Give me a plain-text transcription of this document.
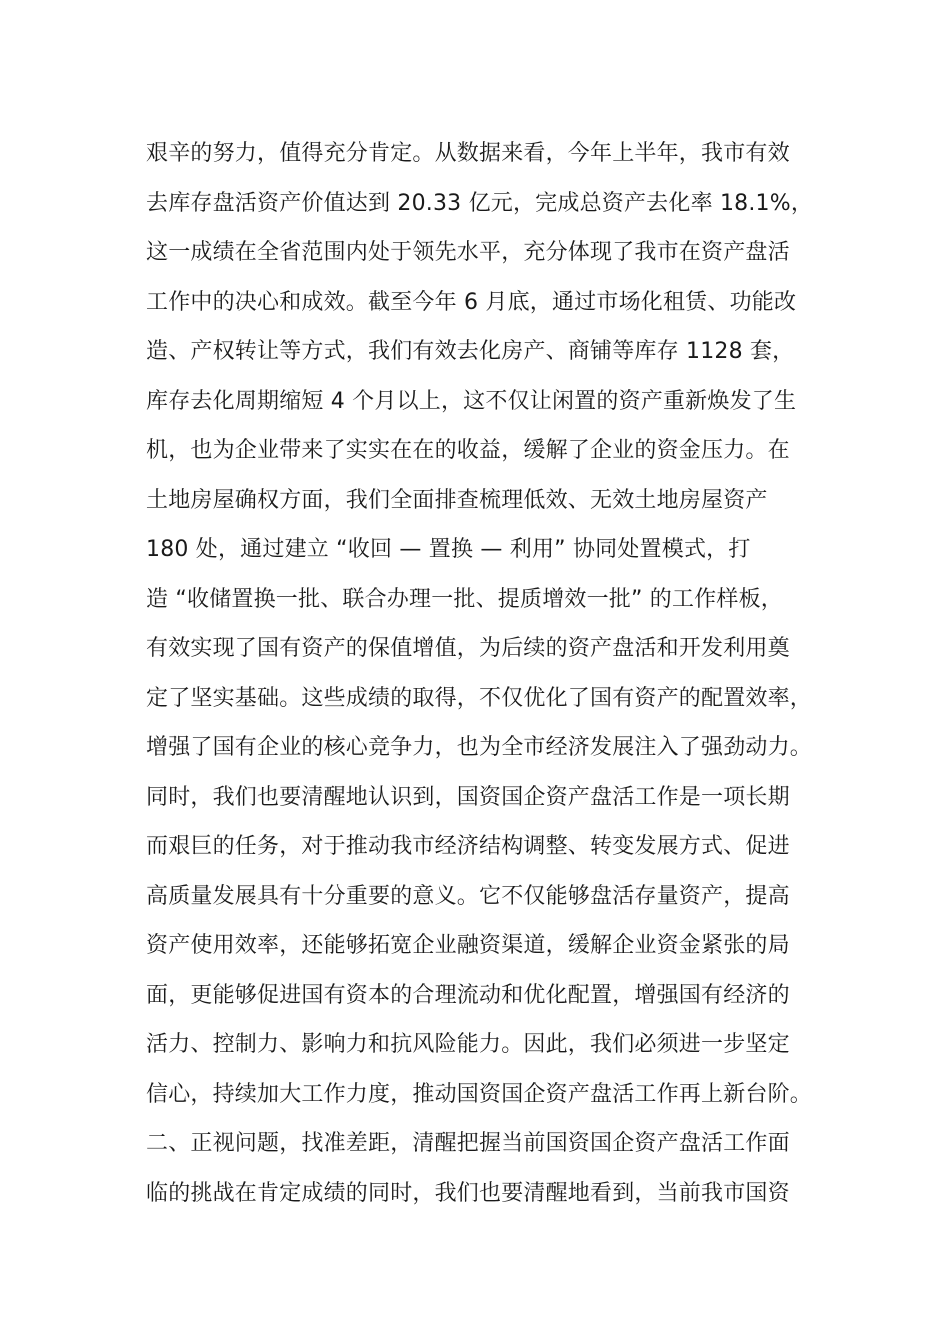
艰辛的努力，值得充分肯定。从数据来看，今年上半年，我市有效
去库存盘活资产价值达到 20.33 亿元，完成总资产去化率 18.1%，
这一成绩在全省范围内处于领先水平，充分体现了我市在资产盘活
工作中的决心和成效。截至今年 6 月底，通过市场化租赁、功能改
造、产权转让等方式，我们有效去化房产、商铺等库存 1128 套，
库存去化周期缩短 4 个月以上，这不仅让闲置的资产重新焕发了生
机，也为企业带来了实实在在的收益，缓解了企业的资金压力。在
土地房屋确权方面，我们全面排查梳理低效、无效土地房屋资产
180 处，通过建立 “收回 — 置换 — 利用” 协同处置模式，打
造 “收储置换一批、联合办理一批、提质增效一批” 的工作样板，
有效实现了国有资产的保值增值，为后续的资产盘活和开发利用奠
定了坚实基础。这些成绩的取得，不仅优化了国有资产的配置效率，
增强了国有企业的核心竞争力，也为全市经济发展注入了强劲动力。
同时，我们也要清醒地认识到，国资国企资产盘活工作是一项长期
而艰巨的任务，对于推动我市经济结构调整、转变发展方式、促进
高质量发展具有十分重要的意义。它不仅能够盘活存量资产，提高
资产使用效率，还能够拓宽企业融资渠道，缓解企业资金紧张的局
面，更能够促进国有资本的合理流动和优化配置，增强国有经济的
活力、控制力、影响力和抗风险能力。因此，我们必须进一步坚定
信心，持续加大工作力度，推动国资国企资产盘活工作再上新台阶。
二、正视问题，找准差距，清醒把握当前国资国企资产盘活工作面
临的挑战在肯定成绩的同时，我们也要清醒地看到，当前我市国资
